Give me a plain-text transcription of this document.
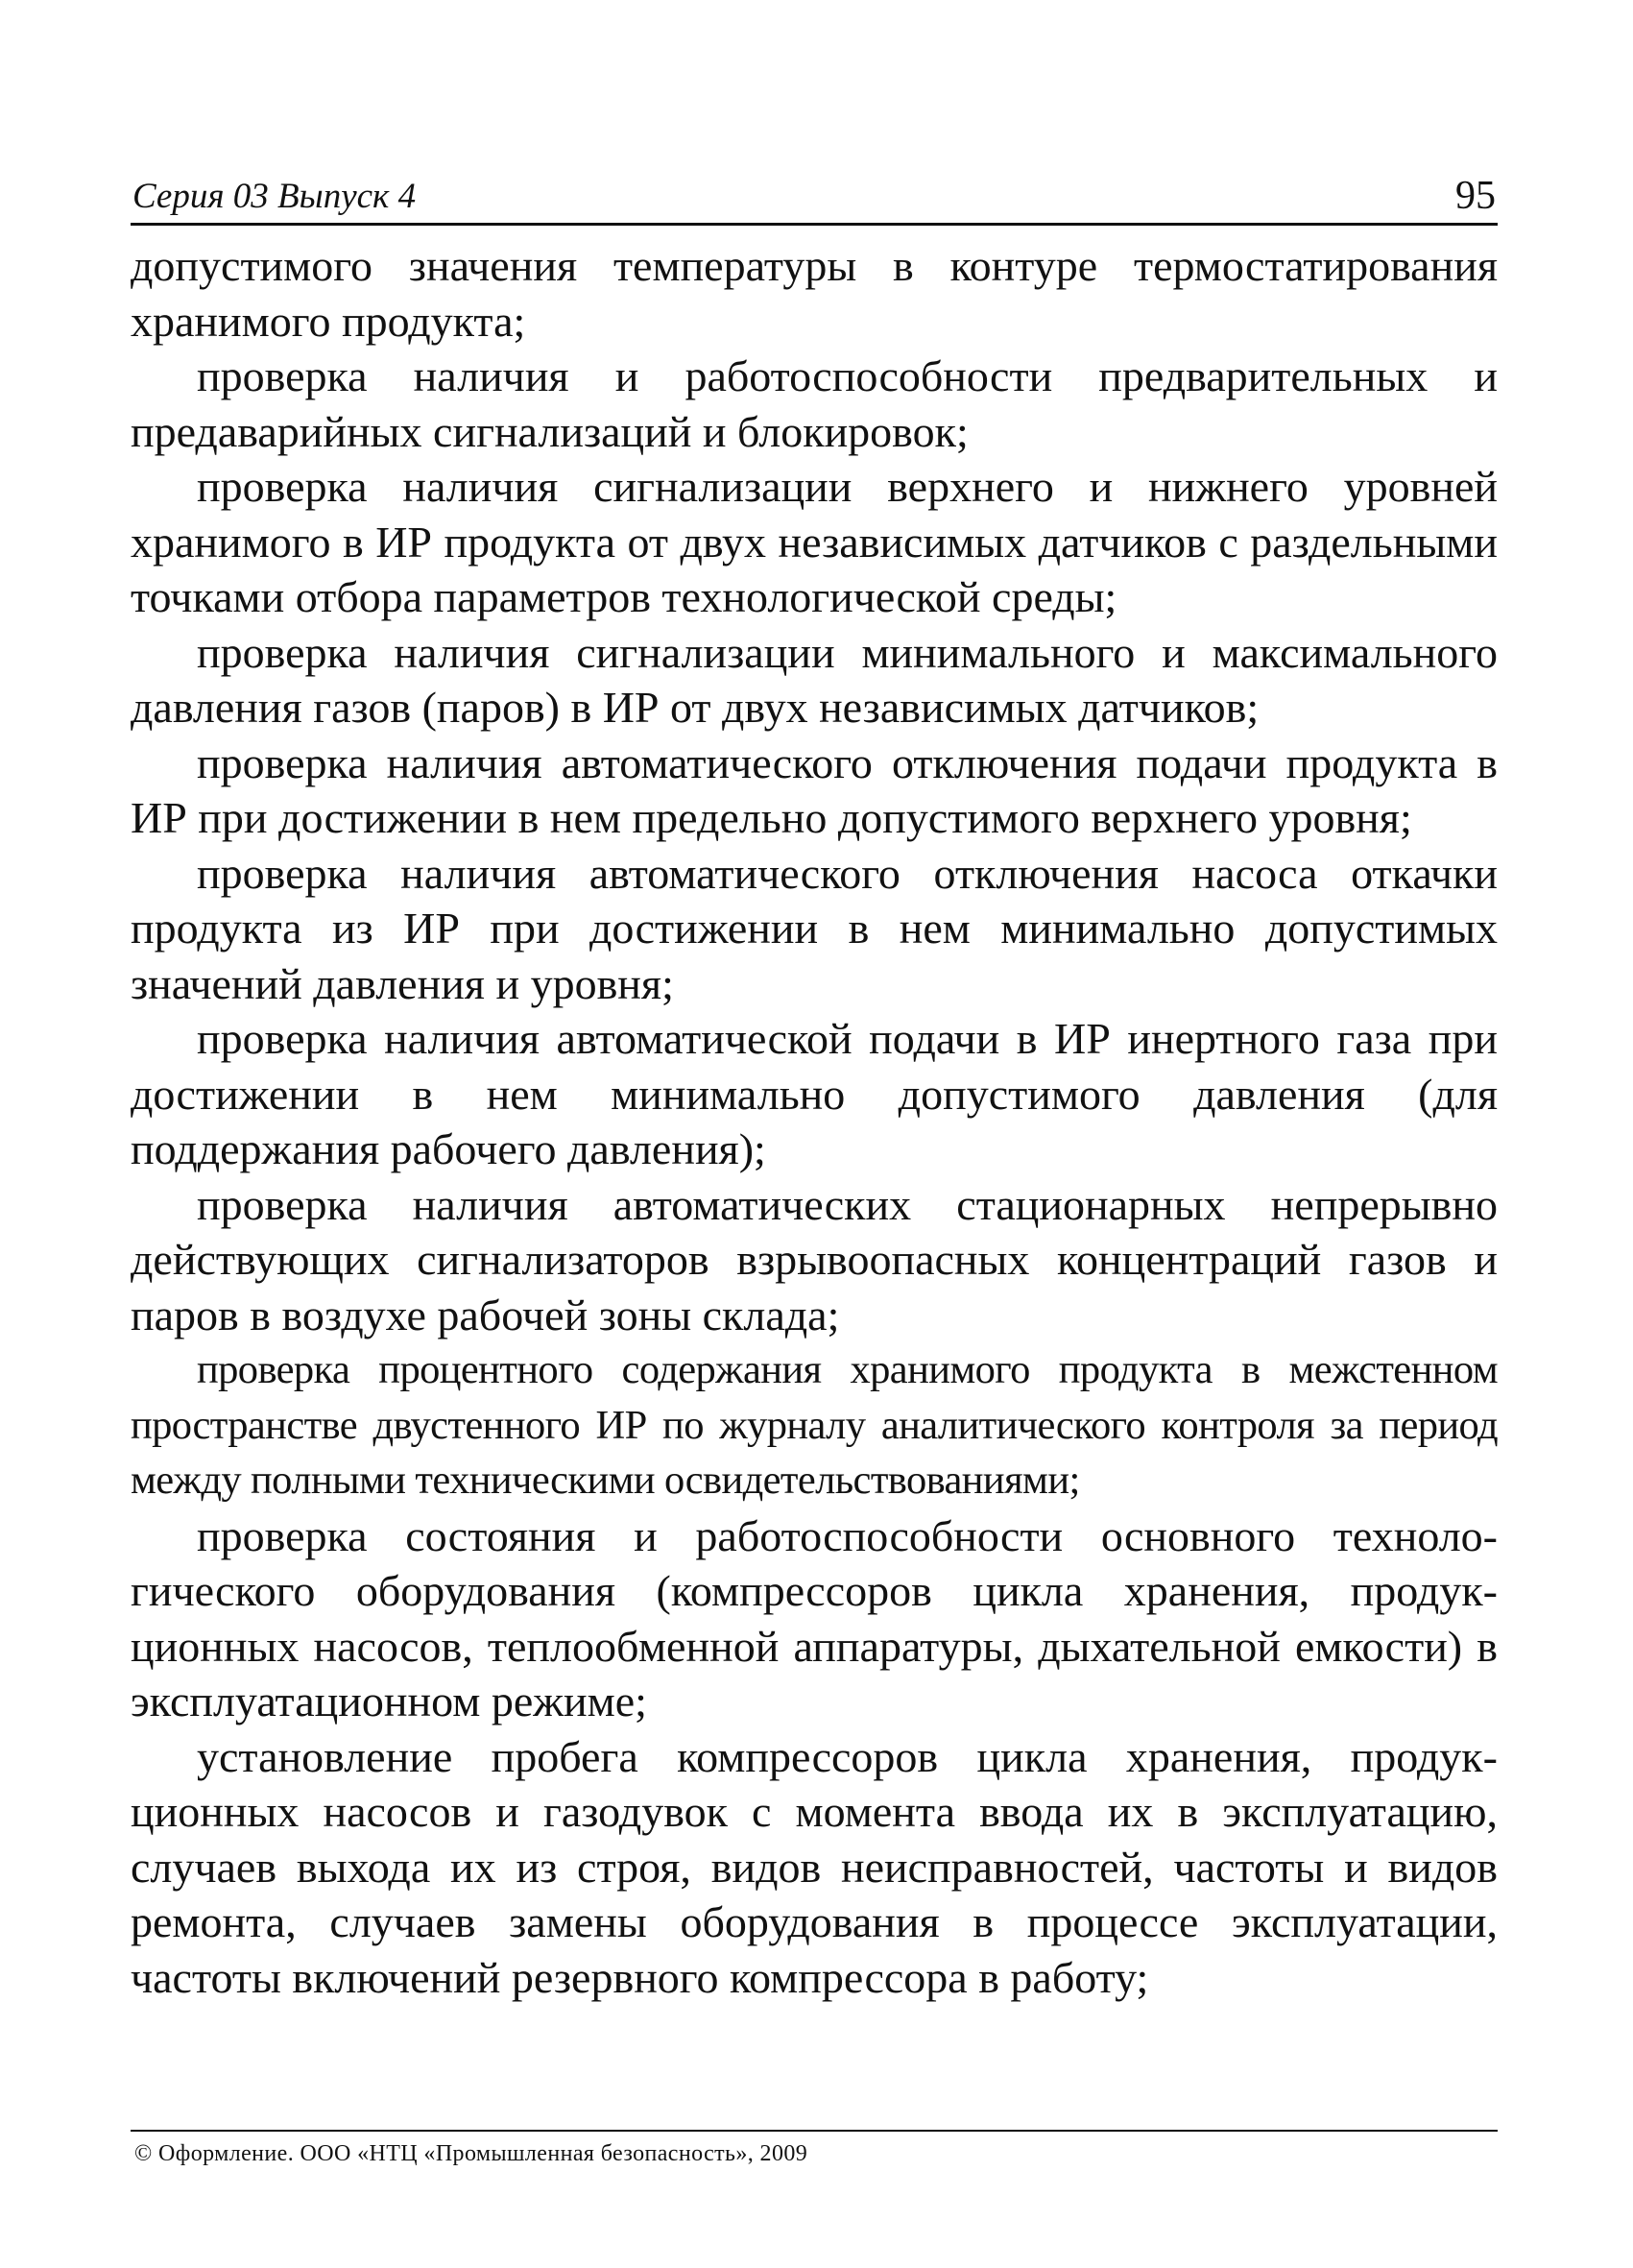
Серия 03 Выпуск 4	95

допустимого значения температуры в контуре термостатирования хранимого продукта;

проверка наличия и работоспособности предварительных и предаварийных сигнализаций и блокировок;

проверка наличия сигнализации верхнего и нижнего уровней хранимого в ИР продукта от двух независимых датчиков с раздельными точками отбора параметров технологической среды;

проверка наличия сигнализации минимального и максимального давления газов (паров) в ИР от двух независимых датчиков;

проверка наличия автоматического отключения подачи продукта в ИР при достижении в нем предельно допустимого верхнего уровня;

проверка наличия автоматического отключения насоса откачки продукта из ИР при достижении в нем минимально допустимых значений давления и уровня;

проверка наличия автоматической подачи в ИР инертного газа при достижении в нем минимально допустимого давления (для поддержания рабочего давления);

проверка наличия автоматических стационарных непрерывно действующих сигнализаторов взрывоопасных концентраций газов и паров в воздухе рабочей зоны склада;

проверка процентного содержания хранимого продукта в межстенном пространстве двустенного ИР по журналу аналитического контроля за период между полными техническими освидетельствованиями;

проверка состояния и работоспособности основного технологического оборудования (компрессоров цикла хранения, продукционных насосов, теплообменной аппаратуры, дыхательной емкости) в эксплуатационном режиме;

установление пробега компрессоров цикла хранения, продукционных насосов и газодувок с момента ввода их в эксплуатацию, случаев выхода их из строя, видов неисправностей, частоты и видов ремонта, случаев замены оборудования в процессе эксплуатации, частоты включений резервного компрессора в работу;

© Оформление. ООО «НТЦ «Промышленная безопасность», 2009
